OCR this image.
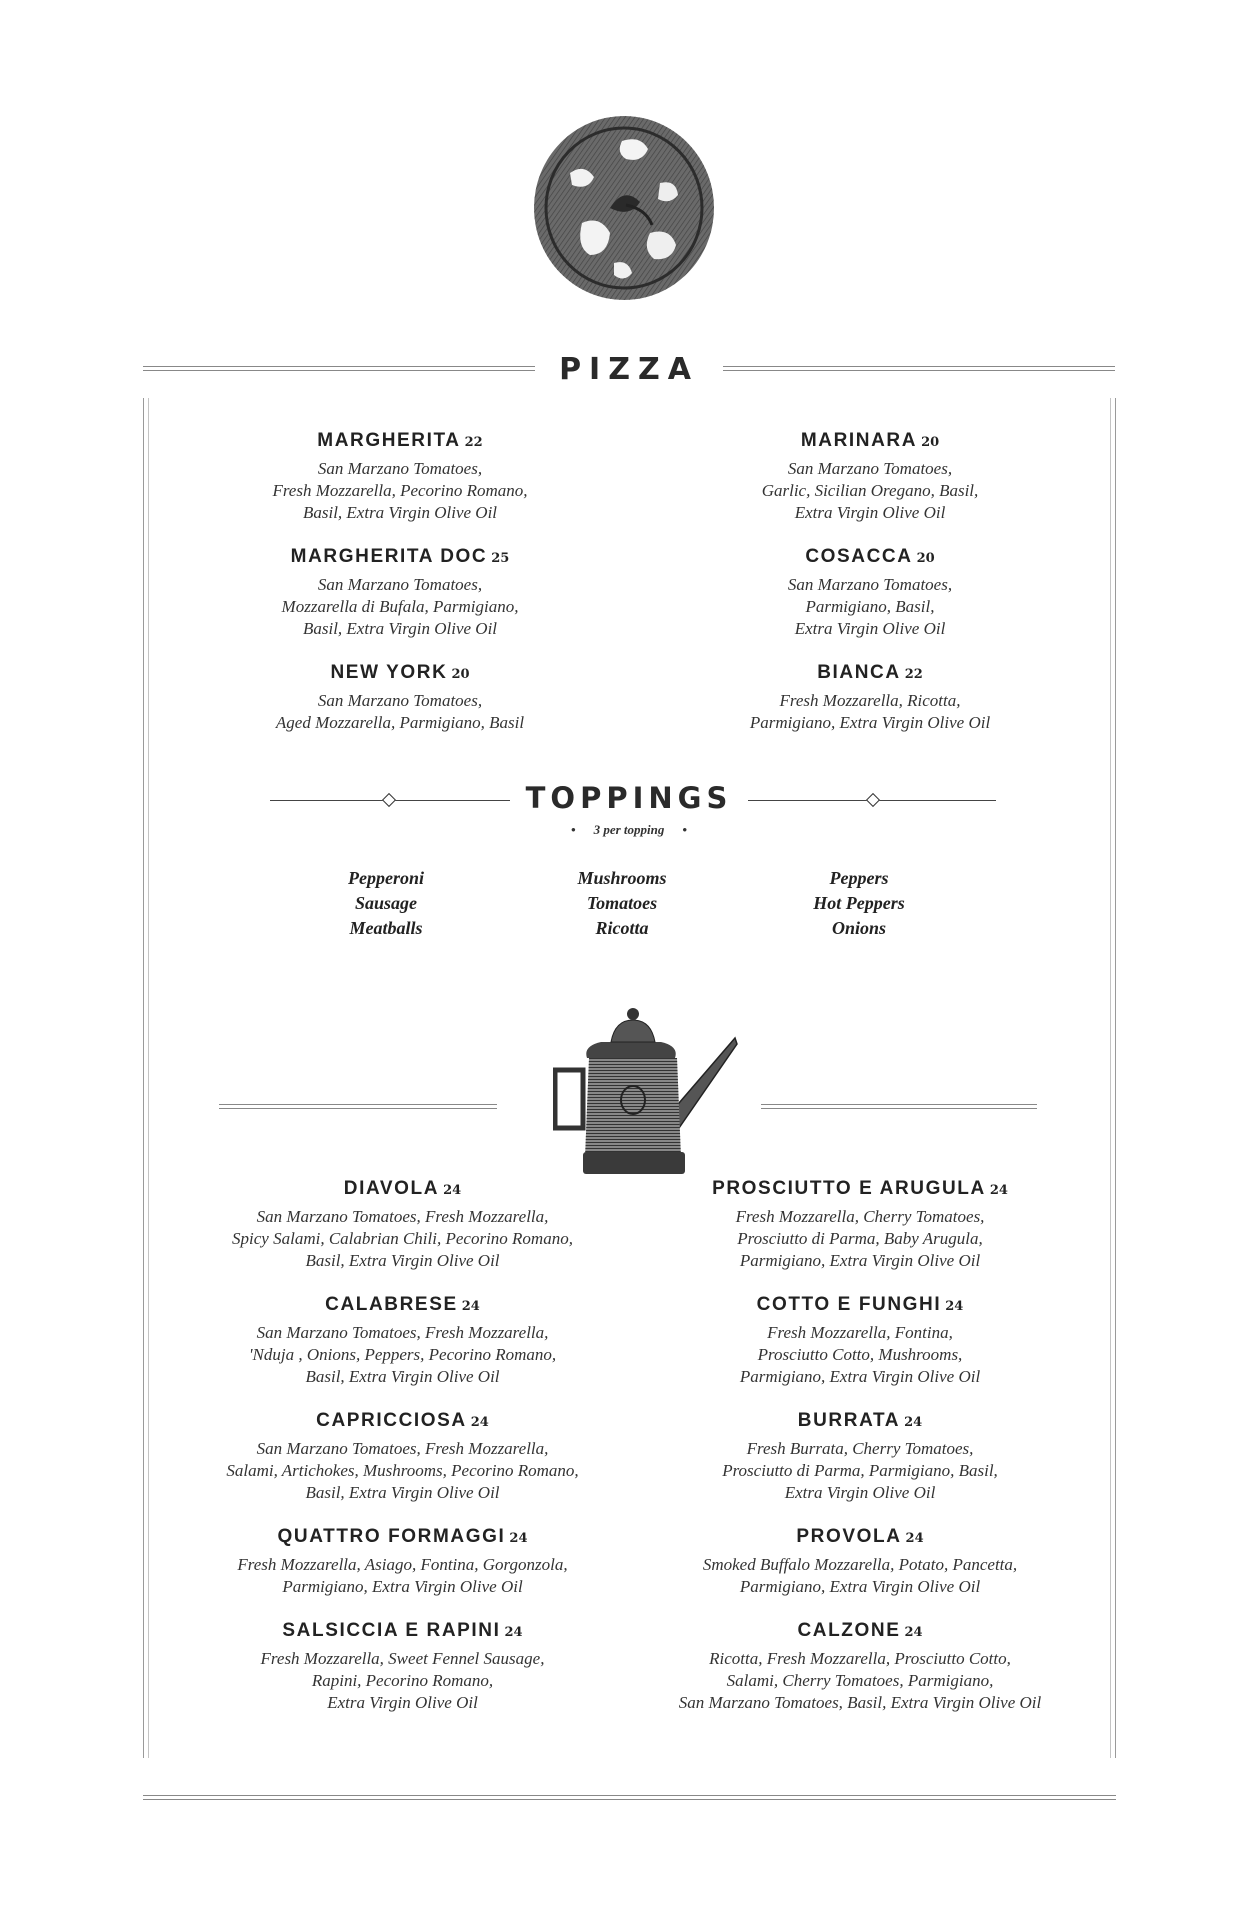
PIZZA
MARGHERITA 22
San Marzano Tomatoes,
Fresh Mozzarella, Pecorino Romano,
Basil, Extra Virgin Olive Oil
MARGHERITA DOC 25
San Marzano Tomatoes,
Mozzarella di Bufala, Parmigiano,
Basil, Extra Virgin Olive Oil
NEW YORK 20
San Marzano Tomatoes,
Aged Mozzarella, Parmigiano, Basil
MARINARA 20
San Marzano Tomatoes,
Garlic, Sicilian Oregano, Basil,
Extra Virgin Olive Oil
COSACCA 20
San Marzano Tomatoes,
Parmigiano, Basil,
Extra Virgin Olive Oil
BIANCA 22
Fresh Mozzarella, Ricotta,
Parmigiano, Extra Virgin Olive Oil
TOPPINGS
• 3 per topping •
Pepperoni
Sausage
Meatballs
Mushrooms
Tomatoes
Ricotta
Peppers
Hot Peppers
Onions
DIAVOLA 24
San Marzano Tomatoes, Fresh Mozzarella,
Spicy Salami, Calabrian Chili, Pecorino Romano,
Basil, Extra Virgin Olive Oil
CALABRESE 24
San Marzano Tomatoes, Fresh Mozzarella,
'Nduja , Onions, Peppers, Pecorino Romano,
Basil, Extra Virgin Olive Oil
CAPRICCIOSA 24
San Marzano Tomatoes, Fresh Mozzarella,
Salami, Artichokes, Mushrooms, Pecorino Romano,
Basil, Extra Virgin Olive Oil
QUATTRO FORMAGGI 24
Fresh Mozzarella, Asiago, Fontina, Gorgonzola,
Parmigiano, Extra Virgin Olive Oil
SALSICCIA E RAPINI 24
Fresh Mozzarella, Sweet Fennel Sausage,
Rapini, Pecorino Romano,
Extra Virgin Olive Oil
PROSCIUTTO E ARUGULA 24
Fresh Mozzarella, Cherry Tomatoes,
Prosciutto di Parma, Baby Arugula,
Parmigiano, Extra Virgin Olive Oil
COTTO E FUNGHI 24
Fresh Mozzarella, Fontina,
Prosciutto Cotto, Mushrooms,
Parmigiano, Extra Virgin Olive Oil
BURRATA 24
Fresh Burrata, Cherry Tomatoes,
Prosciutto di Parma, Parmigiano, Basil,
Extra Virgin Olive Oil
PROVOLA 24
Smoked Buffalo Mozzarella, Potato, Pancetta,
Parmigiano, Extra Virgin Olive Oil
CALZONE 24
Ricotta, Fresh Mozzarella, Prosciutto Cotto,
Salami, Cherry Tomatoes, Parmigiano,
San Marzano Tomatoes, Basil, Extra Virgin Olive Oil
